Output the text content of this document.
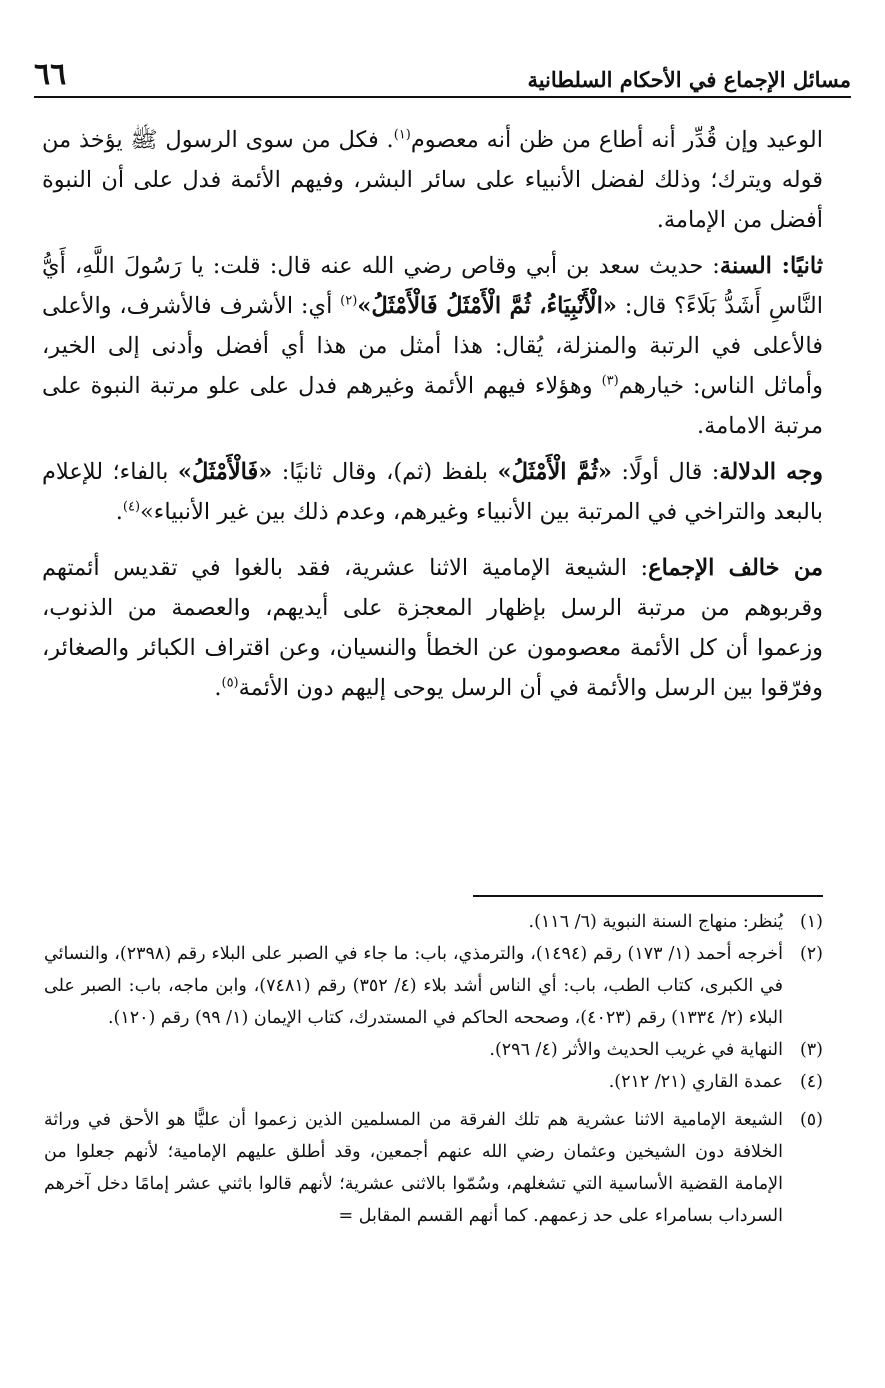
مسائل الإجماع في الأحكام السلطانية
٦٦

الوعيد وإن قُدِّر أنه أطاع من ظن أنه معصوم$^{(١)}$. فكل من سوى الرسول ﷺ يؤخذ من قوله ويترك؛ وذلك لفضل الأنبياء على سائر البشر، وفيهم الأئمة فدل على أن النبوة أفضل من الإمامة.

ثانيًا: السنة: حديث سعد بن أبي وقاص رضي الله عنه قال: قلت: يا رَسُولَ اللَّهِ، أَيُّ النَّاسِ أَشَدُّ بَلَاءً؟ قال: «الْأَنْبِيَاءُ، ثُمَّ الْأَمْثَلُ فَالْأَمْثَلُ»$^{(٢)}$ أي: الأشرف فالأشرف، والأعلى فالأعلى في الرتبة والمنزلة، يُقال: هذا أمثل من هذا أي أفضل وأدنى إلى الخير، وأماثل الناس: خيارهم$^{(٣)}$ وهؤلاء فيهم الأئمة وغيرهم فدل على علو مرتبة النبوة على مرتبة الامامة.

وجه الدلالة: قال أولًا: «ثُمَّ الْأَمْثَلُ» بلفظ (ثم)، وقال ثانيًا: «فَالْأَمْثَلُ» بالفاء؛ للإعلام بالبعد والتراخي في المرتبة بين الأنبياء وغيرهم، وعدم ذلك بين غير الأنبياء»$^{(٤)}$.

من خالف الإجماع: الشيعة الإمامية الاثنا عشرية، فقد بالغوا في تقديس أئمتهم وقربوهم من مرتبة الرسل بإظهار المعجزة على أيديهم، والعصمة من الذنوب، وزعموا أن كل الأئمة معصومون عن الخطأ والنسيان، وعن اقتراف الكبائر والصغائر، وفرّقوا بين الرسل والأئمة في أن الرسل يوحى إليهم دون الأئمة$^{(٥)}$.

(١)
يُنظر: منهاج السنة النبوية (٦/ ١١٦).

(٢)
أخرجه أحمد (١/ ١٧٣) رقم (١٤٩٤)، والترمذي، باب: ما جاء في الصبر على البلاء رقم (٢٣٩٨)، والنسائي في الكبرى، كتاب الطب، باب: أي الناس أشد بلاء (٤/ ٣٥٢) رقم (٧٤٨١)، وابن ماجه، باب: الصبر على البلاء (٢/ ١٣٣٤) رقم (٤٠٢٣)، وصححه الحاكم في المستدرك، كتاب الإيمان (١/ ٩٩) رقم (١٢٠).

(٣)
النهاية في غريب الحديث والأثر (٤/ ٢٩٦).

(٤)
عمدة القاري (٢١/ ٢١٢).

(٥)
الشيعة الإمامية الاثنا عشرية هم تلك الفرقة من المسلمين الذين زعموا أن عليًّا هو الأحق في وراثة الخلافة دون الشيخين وعثمان رضي الله عنهم أجمعين، وقد أطلق عليهم الإمامية؛ لأنهم جعلوا من الإمامة القضية الأساسية التي تشغلهم، وسُمّوا بالاثنى عشرية؛ لأنهم قالوا باثني عشر إمامًا دخل آخرهم السرداب بسامراء على حد زعمهم. كما أنهم القسم المقابل =
